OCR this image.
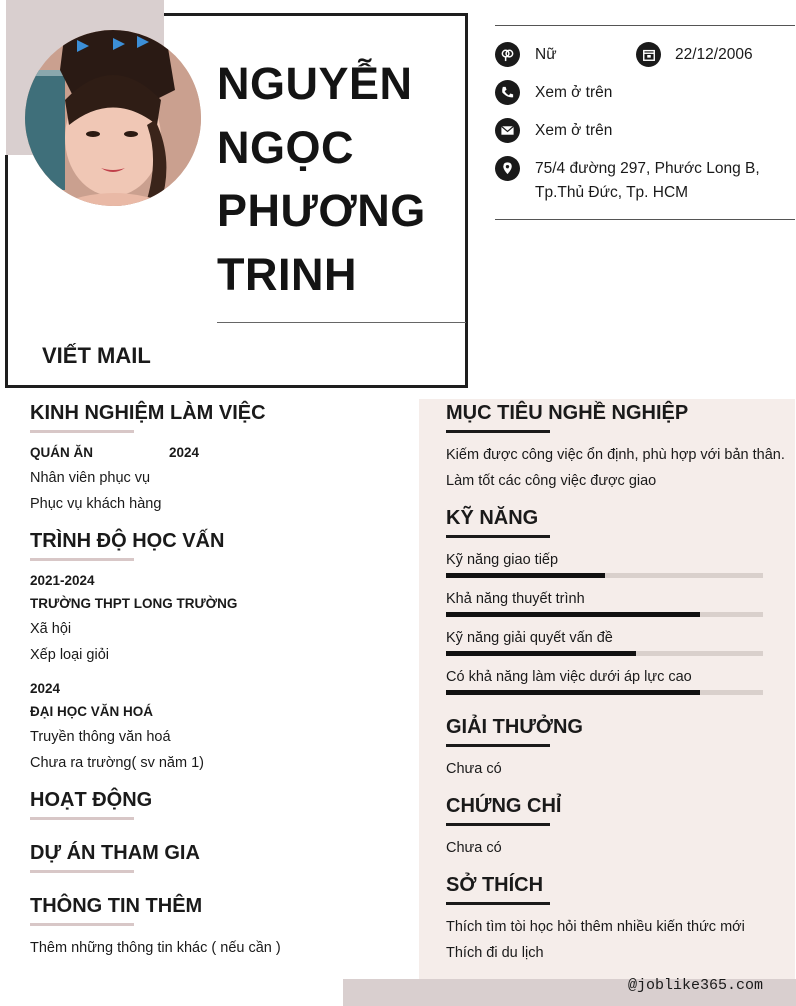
NGUYỄN
NGỌC
PHƯƠNG
TRINH
VIẾT MAIL
Nữ	22/12/2006
Xem ở trên
Xem ở trên
75/4 đường 297, Phước Long B,
Tp.Thủ Đức, Tp. HCM
KINH NGHIỆM LÀM VIỆC
QUÁN ĂN	2024
Nhân viên phục vụ
Phục vụ khách hàng
TRÌNH ĐỘ HỌC VẤN
2021-2024
TRƯỜNG THPT LONG TRƯỜNG
Xã hội
Xếp loại giỏi
2024
ĐẠI HỌC VĂN HOÁ
Truyền thông văn hoá
Chưa ra trường( sv năm 1)
HOẠT ĐỘNG
DỰ ÁN THAM GIA
THÔNG TIN THÊM
Thêm những thông tin khác ( nếu cần )
MỤC TIÊU NGHỀ NGHIỆP
Kiếm được công việc ổn định, phù hợp với bản thân.
Làm tốt các công việc được giao
KỸ NĂNG
Kỹ năng giao tiếp
Khả năng thuyết trình
Kỹ năng giải quyết vấn đề
Có khả năng làm việc dưới áp lực cao
GIẢI THƯỞNG
Chưa có
CHỨNG CHỈ
Chưa có
SỞ THÍCH
Thích tìm tòi học hỏi thêm nhiều kiến thức mới
Thích đi du lịch
@joblike365.com
